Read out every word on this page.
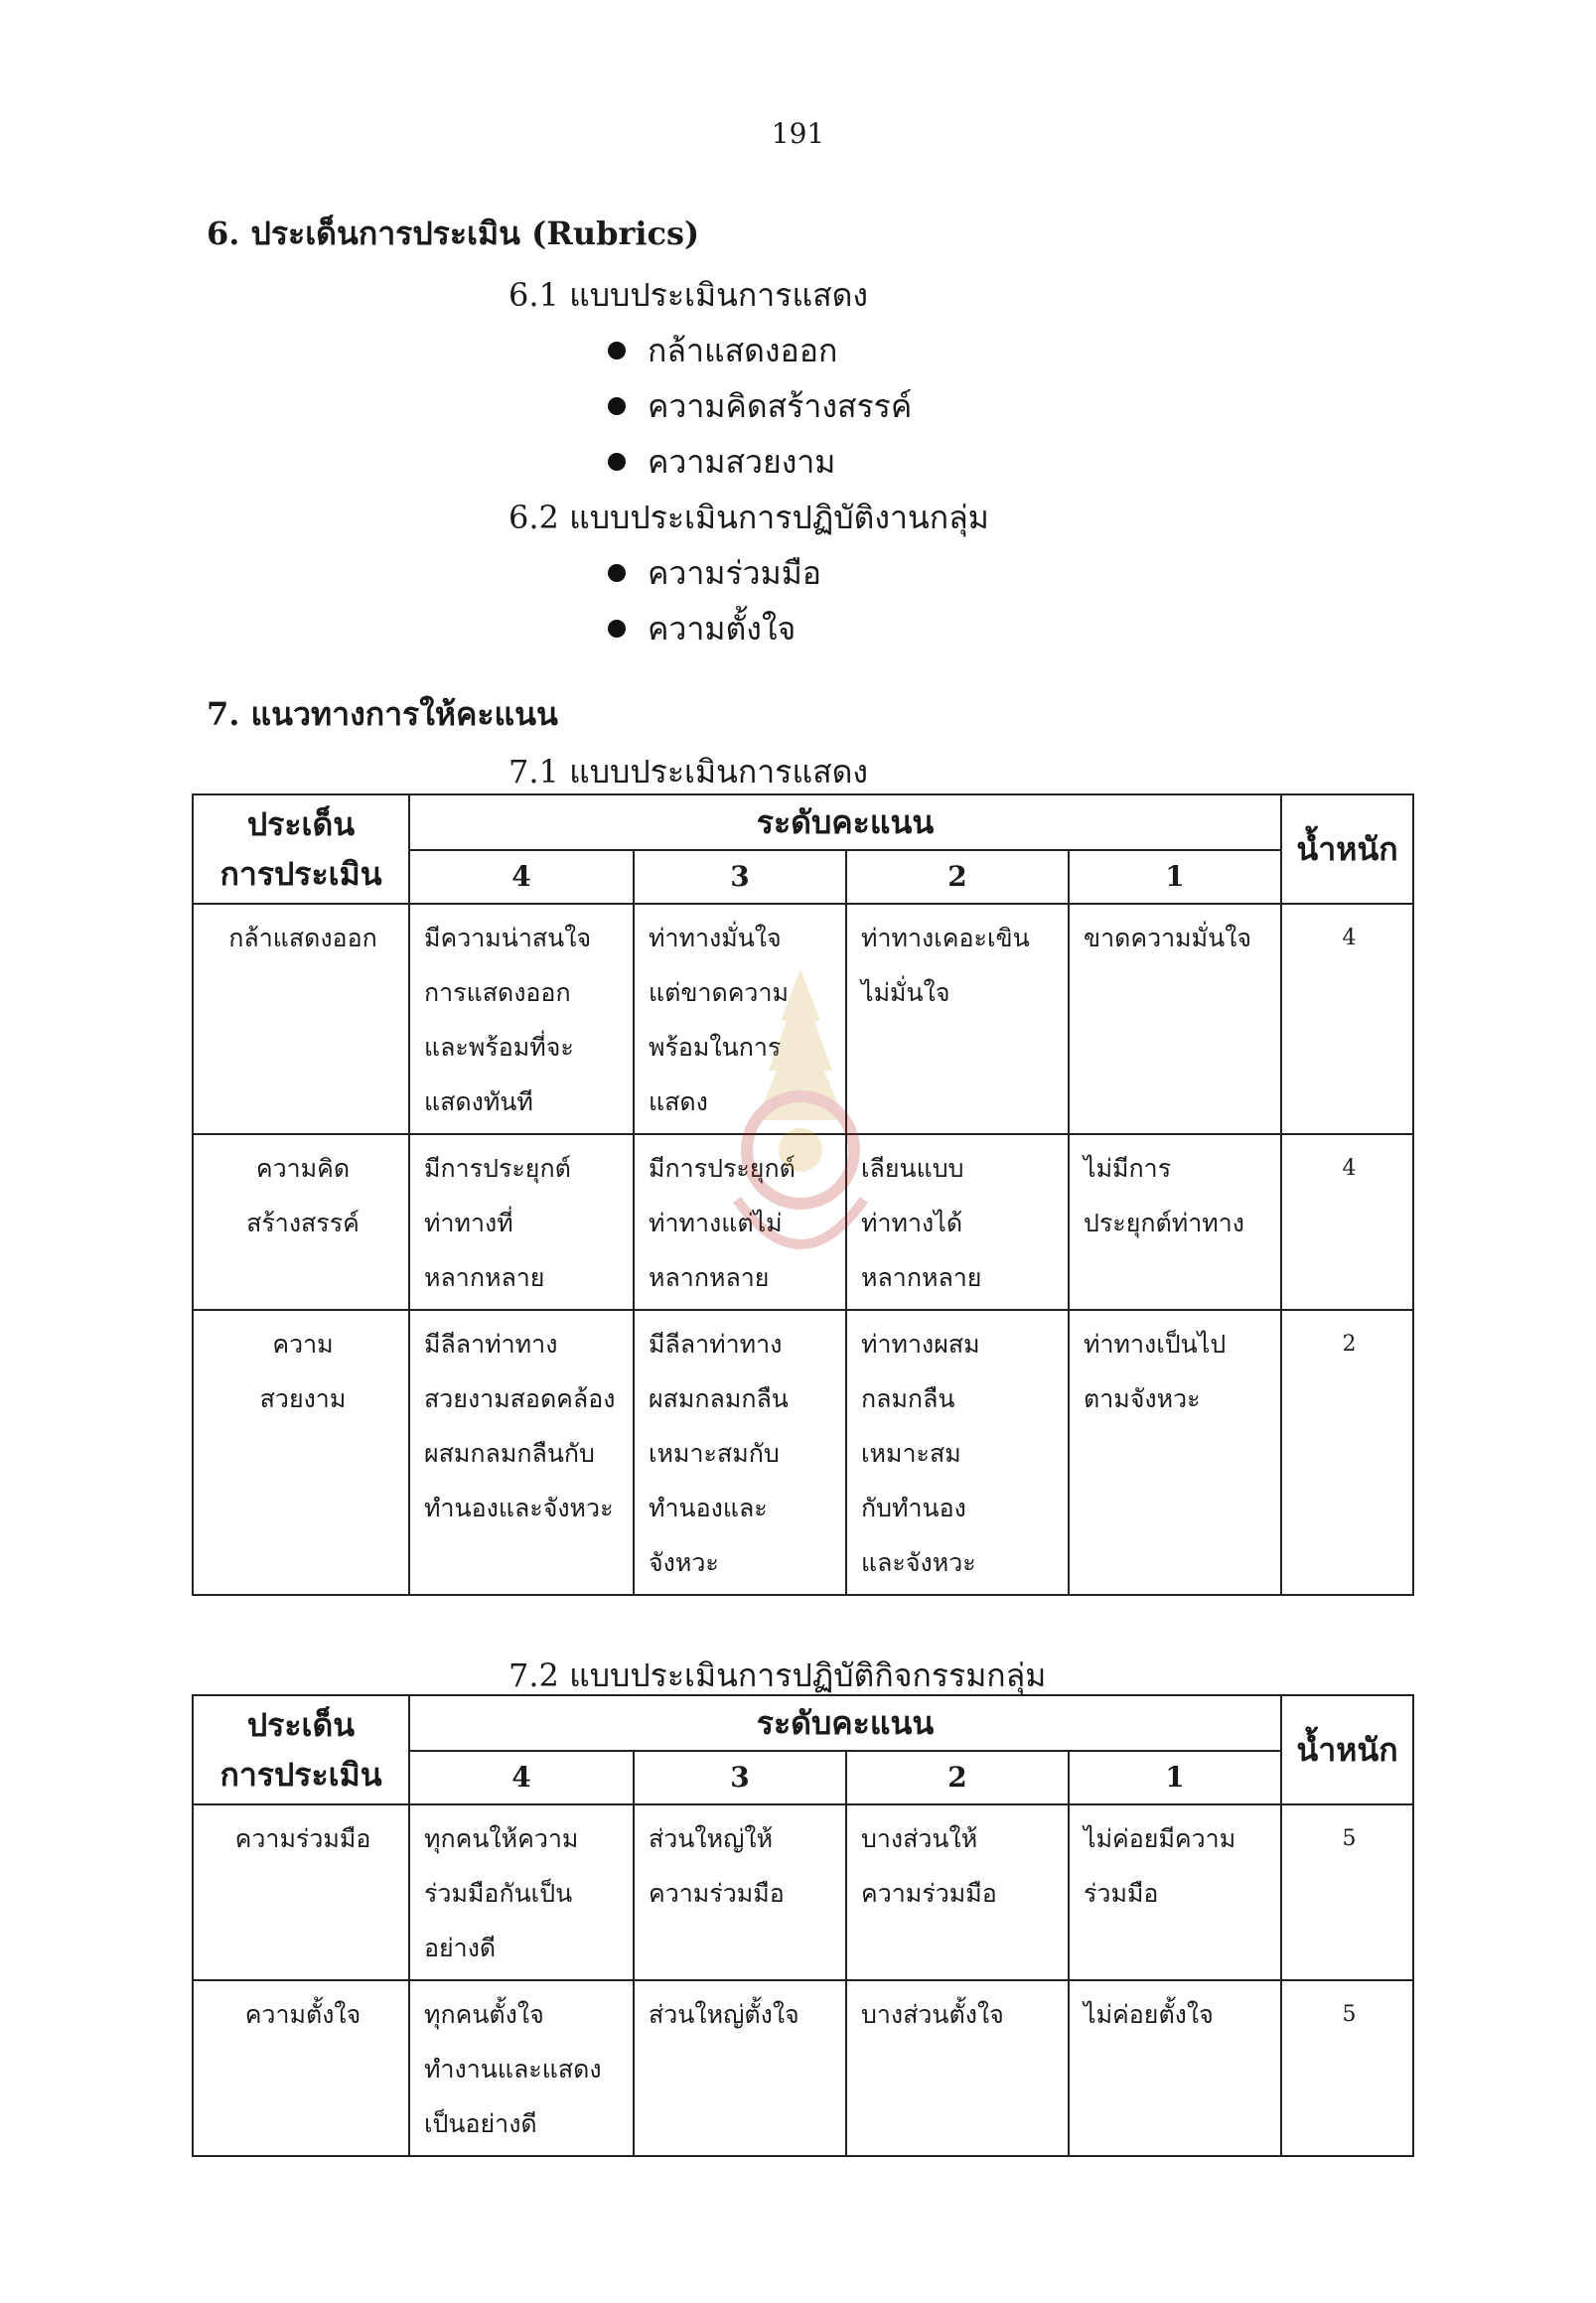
191
6. ประเด็นการประเมิน (Rubrics)
6.1 แบบประเมินการแสดง
กล้าแสดงออก
ความคิดสร้างสรรค์
ความสวยงาม
6.2 แบบประเมินการปฏิบัติงานกลุ่ม
ความร่วมมือ
ความตั้งใจ
7. แนวทางการให้คะแนน
7.1 แบบประเมินการแสดง
ประเด็น
การประเมิน	ระดับคะแนน				น้ำหนัก
	4	3	2	1	

กล้าแสดงออก	มีความน่าสนใจ
การแสดงออก
และพร้อมที่จะ
แสดงทันที	ท่าทางมั่นใจ
แต่ขาดความ
พร้อมในการ
แสดง	ท่าทางเคอะเขิน
ไม่มั่นใจ	ขาดความมั่นใจ	4

ความคิด
สร้างสรรค์	มีการประยุกต์
ท่าทางที่
หลากหลาย	มีการประยุกต์
ท่าทางแต่ไม่
หลากหลาย	เลียนแบบ
ท่าทางได้
หลากหลาย	ไม่มีการ
ประยุกต์ท่าทาง	4

ความ
สวยงาม	มีลีลาท่าทาง
สวยงามสอดคล้อง
ผสมกลมกลืนกับ
ทำนองและจังหวะ	มีลีลาท่าทาง
ผสมกลมกลืน
เหมาะสมกับ
ทำนองและ
จังหวะ	ท่าทางผสม
กลมกลืน
เหมาะสม
กับทำนอง
และจังหวะ	ท่าทางเป็นไป
ตามจังหวะ	2
7.2 แบบประเมินการปฏิบัติกิจกรรมกลุ่ม
ประเด็น
การประเมิน	ระดับคะแนน				น้ำหนัก
	4	3	2	1	

ความร่วมมือ	ทุกคนให้ความ
ร่วมมือกันเป็น
อย่างดี	ส่วนใหญ่ให้
ความร่วมมือ	บางส่วนให้
ความร่วมมือ	ไม่ค่อยมีความ
ร่วมมือ	5

ความตั้งใจ	ทุกคนตั้งใจ
ทำงานและแสดง
เป็นอย่างดี	ส่วนใหญ่ตั้งใจ	บางส่วนตั้งใจ	ไม่ค่อยตั้งใจ	5
